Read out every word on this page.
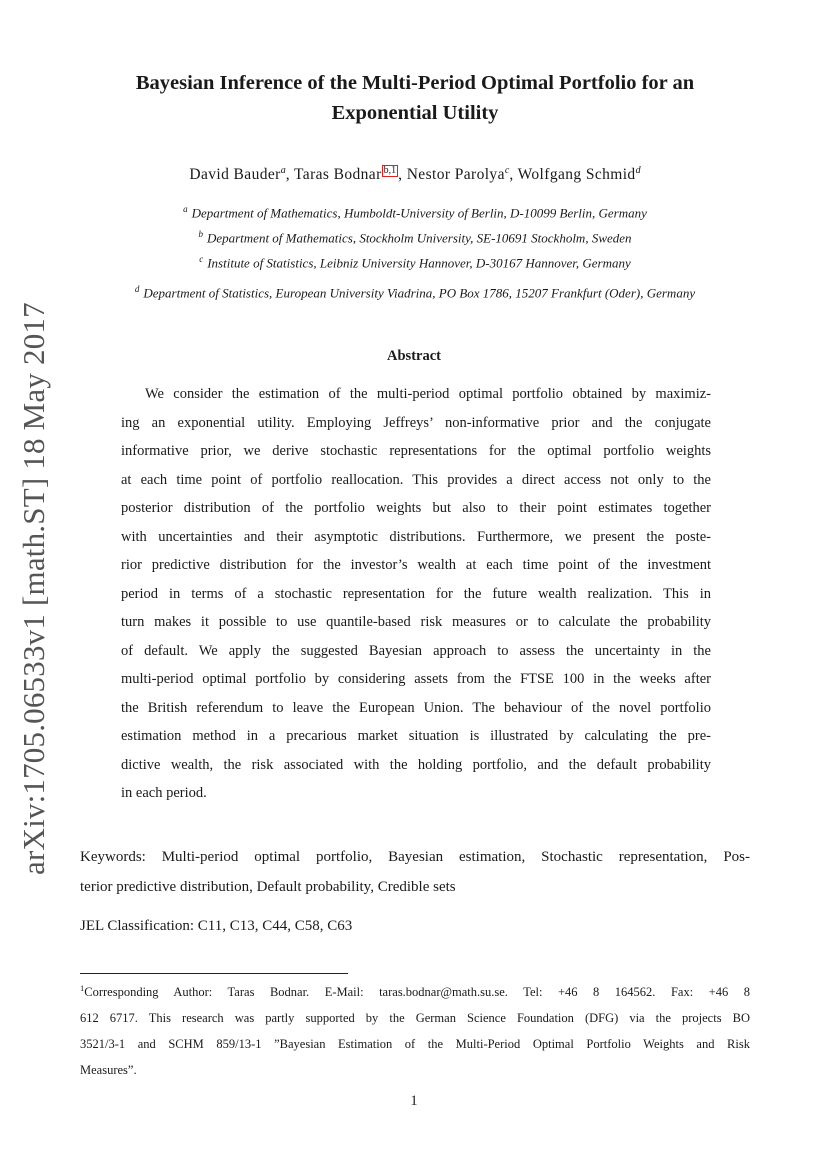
arXiv:1705.06533v1 [math.ST] 18 May 2017
Bayesian Inference of the Multi-Period Optimal Portfolio for an
Exponential Utility
David Bauder$^a$, Taras Bodnar $^{b,1}$ , Nestor Parolya$^c$, Wolfgang Schmid$^d$
$^a$ Department of Mathematics, Humboldt-University of Berlin, D-10099 Berlin, Germany
$^b$ Department of Mathematics, Stockholm University, SE-10691 Stockholm, Sweden
$^c$ Institute of Statistics, Leibniz University Hannover, D-30167 Hannover, Germany
$^d$ Department of Statistics, European University Viadrina, PO Box 1786, 15207 Frankfurt (Oder), Germany
Abstract
We consider the estimation of the multi-period optimal portfolio obtained by maximiz-
ing an exponential utility. Employing Jeffreys’ non-informative prior and the conjugate
informative prior, we derive stochastic representations for the optimal portfolio weights
at each time point of portfolio reallocation. This provides a direct access not only to the
posterior distribution of the portfolio weights but also to their point estimates together
with uncertainties and their asymptotic distributions. Furthermore, we present the poste-
rior predictive distribution for the investor’s wealth at each time point of the investment
period in terms of a stochastic representation for the future wealth realization. This in
turn makes it possible to use quantile-based risk measures or to calculate the probability
of default. We apply the suggested Bayesian approach to assess the uncertainty in the
multi-period optimal portfolio by considering assets from the FTSE 100 in the weeks after
the British referendum to leave the European Union. The behaviour of the novel portfolio
estimation method in a precarious market situation is illustrated by calculating the pre-
dictive wealth, the risk associated with the holding portfolio, and the default probability
in each period.
Keywords: Multi-period optimal portfolio, Bayesian estimation, Stochastic representation, Pos-
terior predictive distribution, Default probability, Credible sets
JEL Classification: C11, C13, C44, C58, C63
$^1$Corresponding Author: Taras Bodnar. E-Mail: taras.bodnar@math.su.se. Tel: +46 8 164562. Fax: +46 8
612 6717. This research was partly supported by the German Science Foundation (DFG) via the projects BO
3521/3-1 and SCHM 859/13-1 ”Bayesian Estimation of the Multi-Period Optimal Portfolio Weights and Risk
Measures”.
1
